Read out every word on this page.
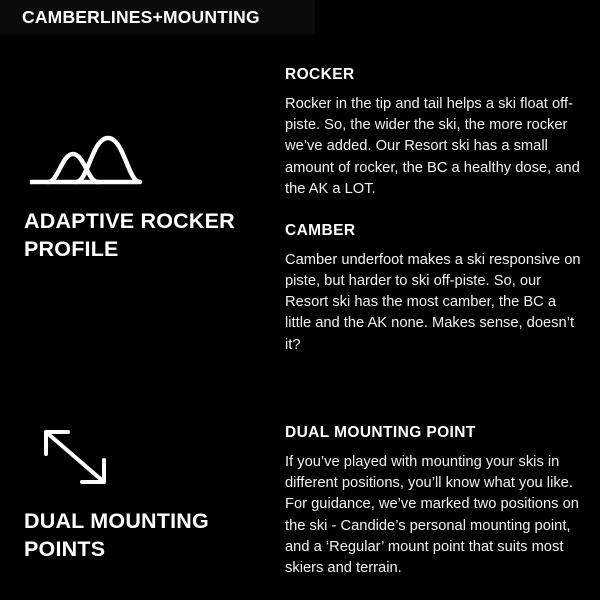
CAMBERLINES+MOUNTING
ADAPTIVE ROCKER PROFILE
ROCKER

Rocker in the tip and tail helps a ski float off-piste. So, the wider the ski, the more rocker we’ve added. Our Resort ski has a small amount of rocker, the BC a healthy dose, and the AK a LOT.

CAMBER

Camber underfoot makes a ski responsive on piste, but harder to ski off-piste. So, our Resort ski has the most camber, the BC a little and the AK none. Makes sense, doesn’t it?

DUAL MOUNTING POINTS
DUAL MOUNTING POINT

If you’ve played with mounting your skis in different positions, you’ll know what you like. For guidance, we’ve marked two positions on the ski - Candide’s personal mounting point, and a ‘Regular’ mount point that suits most skiers and terrain.
